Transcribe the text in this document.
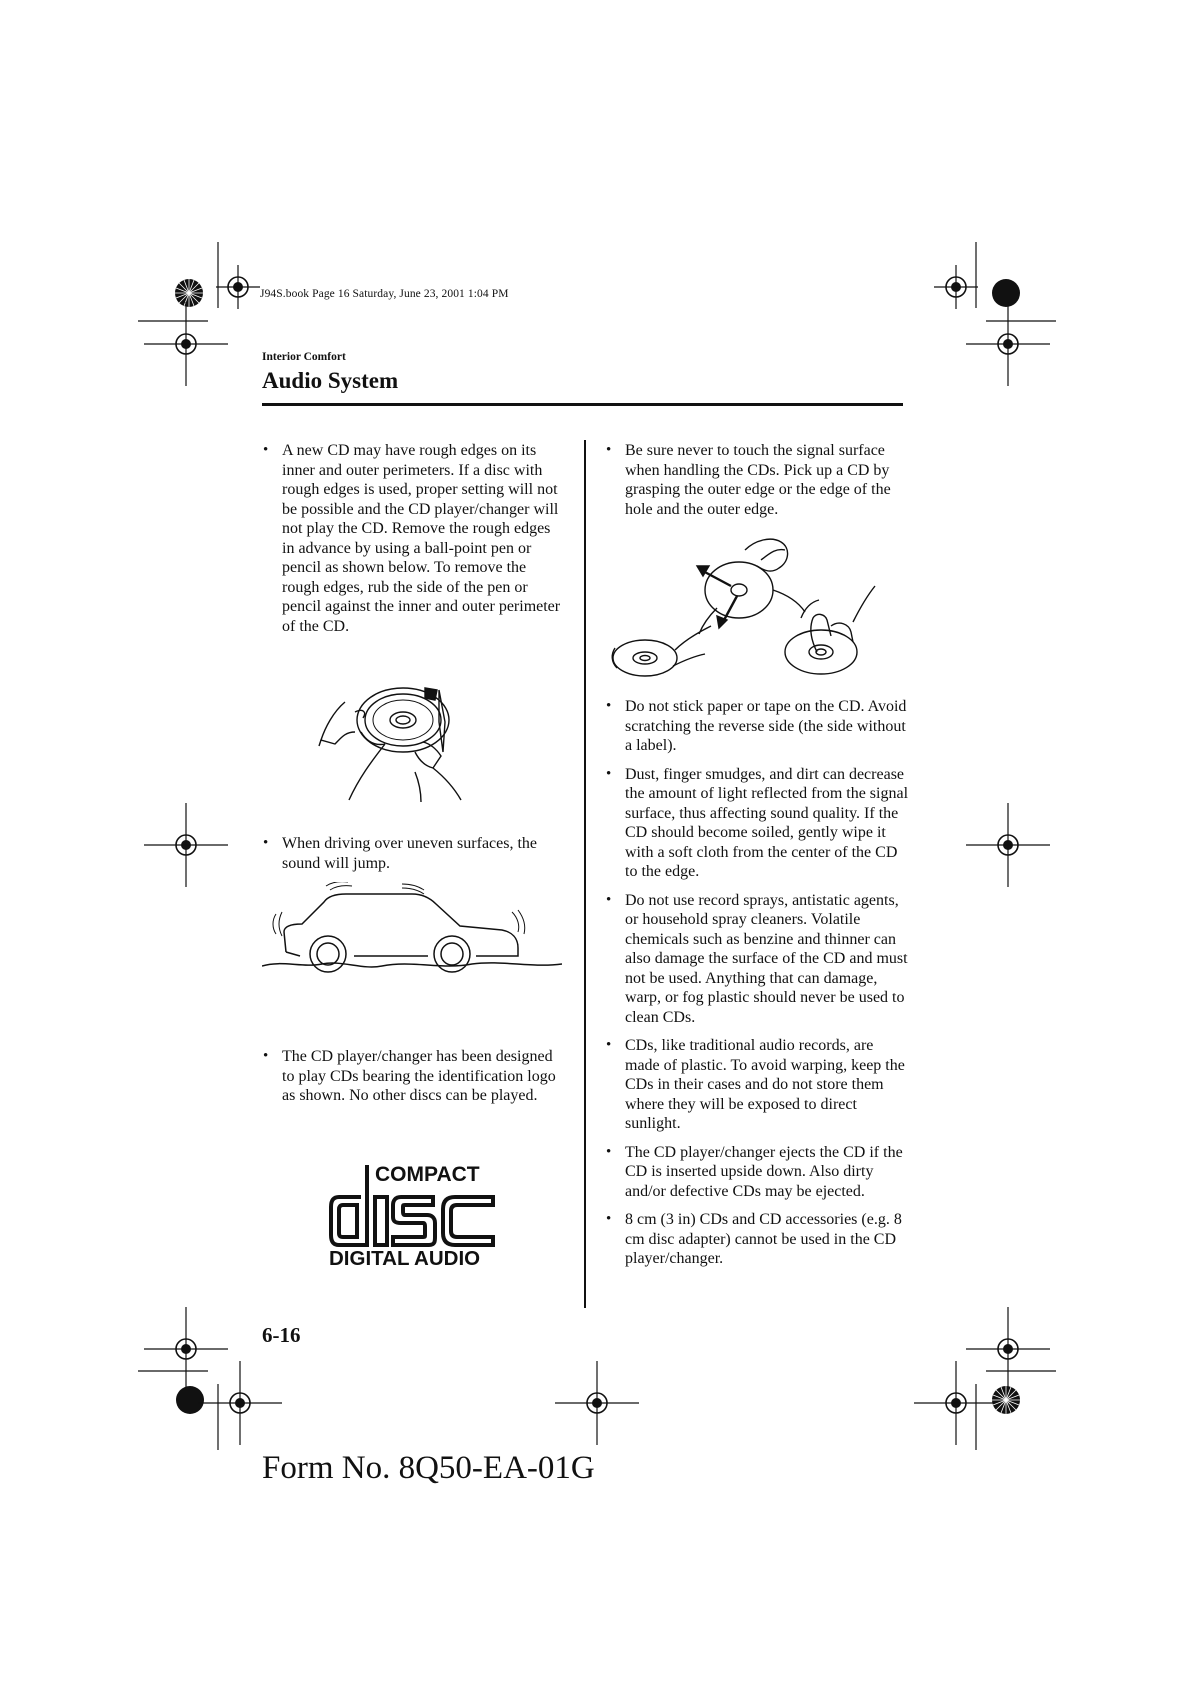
J94S.book Page 16 Saturday, June 23, 2001 1:04 PM
Interior Comfort
Audio System
• A new CD may have rough edges on its inner and outer perimeters. If a disc with rough edges is used, proper setting will not be possible and the CD player/changer will not play the CD. Remove the rough edges in advance by using a ball-point pen or pencil as shown below. To remove the rough edges, rub the side of the pen or pencil against the inner and outer perimeter of the CD.
• When driving over uneven surfaces, the sound will jump.
• The CD player/changer has been designed to play CDs bearing the identification logo as shown. No other discs can be played.
COMPACT
DIGITAL AUDIO
• Be sure never to touch the signal surface when handling the CDs. Pick up a CD by grasping the outer edge or the edge of the hole and the outer edge.
• Do not stick paper or tape on the CD. Avoid scratching the reverse side (the side without a label).
• Dust, finger smudges, and dirt can decrease the amount of light reflected from the signal surface, thus affecting sound quality. If the CD should become soiled, gently wipe it with a soft cloth from the center of the CD to the edge.
• Do not use record sprays, antistatic agents, or household spray cleaners. Volatile chemicals such as benzine and thinner can also damage the surface of the CD and must not be used. Anything that can damage, warp, or fog plastic should never be used to clean CDs.
• CDs, like traditional audio records, are made of plastic. To avoid warping, keep the CDs in their cases and do not store them where they will be exposed to direct sunlight.
• The CD player/changer ejects the CD if the CD is inserted upside down. Also dirty and/or defective CDs may be ejected.
• 8 cm (3 in) CDs and CD accessories (e.g. 8 cm disc adapter) cannot be used in the CD player/changer.
6-16
Form No. 8Q50-EA-01G
